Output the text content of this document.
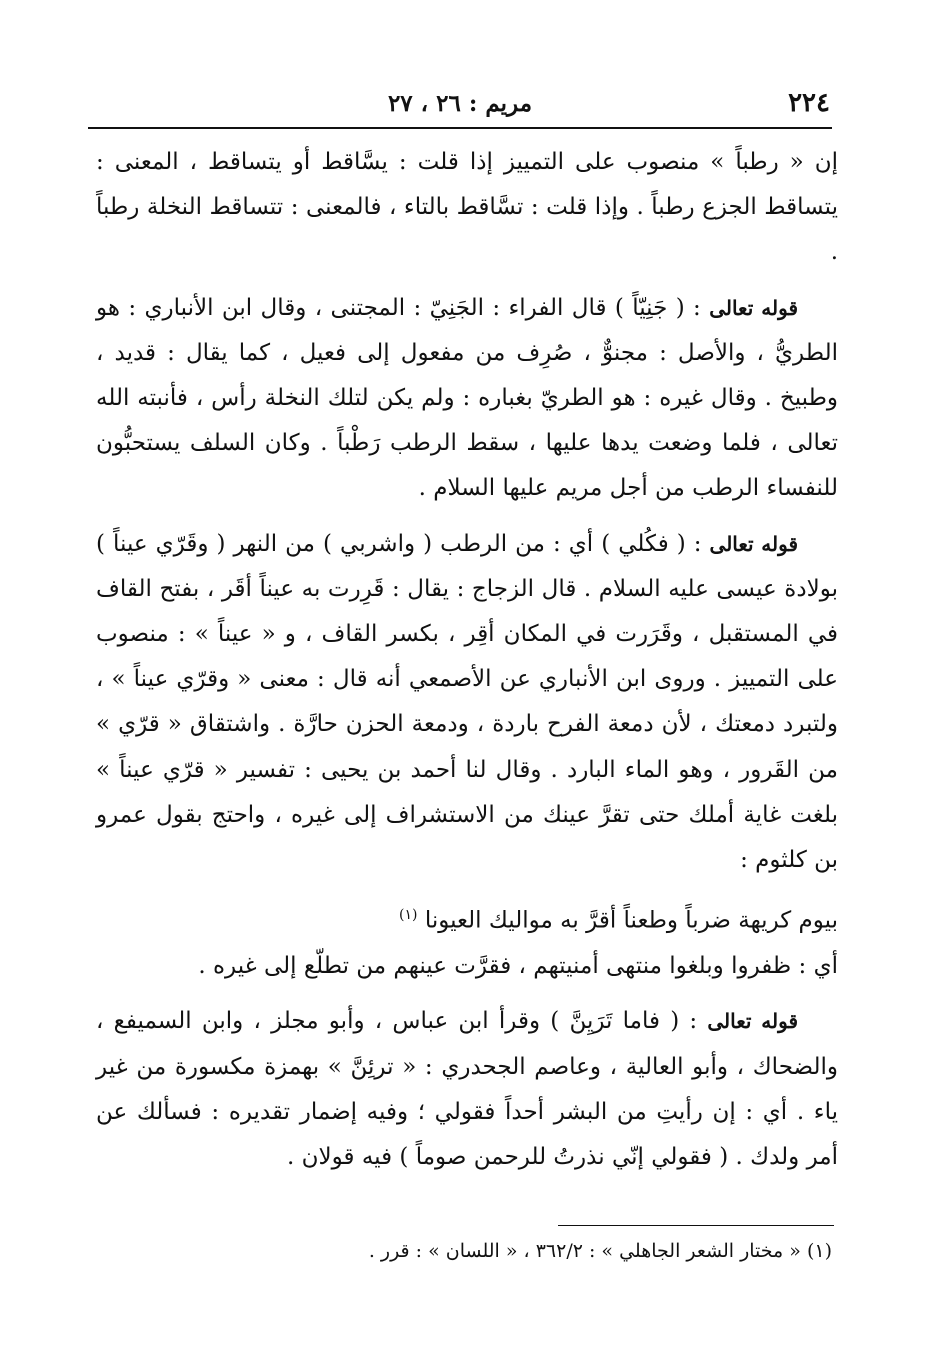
٢٢٤
مريم : ٢٦ ، ٢٧

إن « رطباً » منصوب على التمييز إذا قلت : يسَّاقط أو يتساقط ، المعنى : يتساقط الجزع رطباً . وإذا قلت : تسَّاقط بالتاء ، فالمعنى : تتساقط النخلة رطباً .

قوله تعالى : ( جَنِيّاً ) قال الفراء : الجَنِيّ : المجتنى ، وقال ابن الأنباري : هو الطريُّ ، والأصل : مجنوٌّ ، صُرِف من مفعول إلى فعيل ، كما يقال : قديد ، وطبيخ . وقال غيره : هو الطريّ بغباره : ولم يكن لتلك النخلة رأس ، فأنبته الله تعالى ، فلما وضعت يدها عليها ، سقط الرطب رَطْباً . وكان السلف يستحبُّون للنفساء الرطب من أجل مريم عليها السلام .

قوله تعالى : ( فكُلي ) أي : من الرطب ( واشربي ) من النهر ( وقَرّي عيناً ) بولادة عيسى عليه السلام . قال الزجاج : يقال : قَرِرت به عيناً أقَر ، بفتح القاف في المستقبل ، وقَرَرت في المكان أقِر ، بكسر القاف ، و « عيناً » : منصوب على التمييز . وروى ابن الأنباري عن الأصمعي أنه قال : معنى « وقرّي عيناً » ، ولتبرد دمعتك ، لأن دمعة الفرح باردة ، ودمعة الحزن حارَّة . واشتقاق « قرّي » من القَرور ، وهو الماء البارد . وقال لنا أحمد بن يحيى : تفسير « قرّي عيناً » بلغت غاية أملك حتى تقرَّ عينك من الاستشراف إلى غيره ، واحتج بقول عمرو بن كلثوم :

بيوم كريهة ضرباً وطعناً أقرَّ به مواليك العيونا $^{(١)}$

أي : ظفروا وبلغوا منتهى أمنيتهم ، فقرَّت عينهم من تطلّع إلى غيره .

قوله تعالى : ( فاما تَرَيِنَّ ) وقرأ ابن عباس ، وأبو مجلز ، وابن السميفع ، والضحاك ، وأبو العالية ، وعاصم الجحدري : « ترئِنَّ » بهمزة مكسورة من غير ياء . أي : إن رأيتِ من البشر أحداً فقولي ؛ وفيه إضمار تقديره : فسألك عن أمر ولدك . ( فقولي إنّي نذرتُ للرحمن صوماً ) فيه قولان .

(١) « مختار الشعر الجاهلي » : ٣٦٢/٢ ، « اللسان » : قرر .
